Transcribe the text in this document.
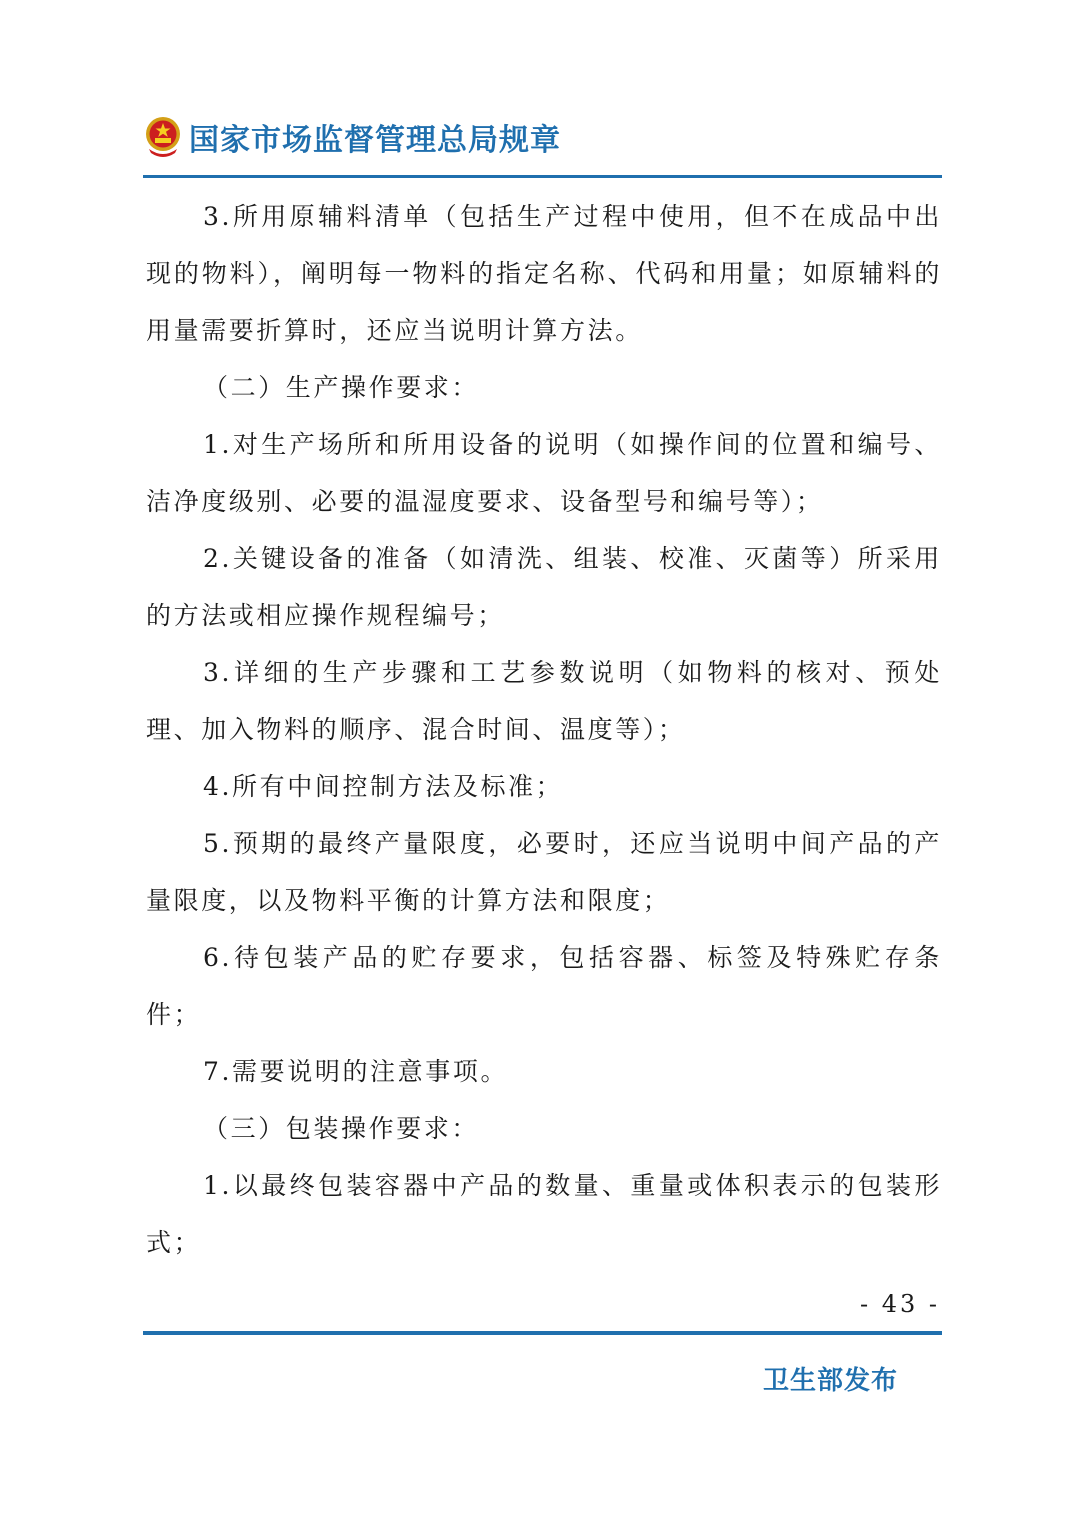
国家市场监督管理总局规章

3.所用原辅料清单（包括生产过程中使用，但不在成品中出现的物料），阐明每一物料的指定名称、代码和用量；如原辅料的用量需要折算时，还应当说明计算方法。

（二）生产操作要求：

1.对生产场所和所用设备的说明（如操作间的位置和编号、洁净度级别、必要的温湿度要求、设备型号和编号等）；

2.关键设备的准备（如清洗、组装、校准、灭菌等）所采用的方法或相应操作规程编号；

3.详细的生产步骤和工艺参数说明（如物料的核对、预处理、加入物料的顺序、混合时间、温度等）；

4.所有中间控制方法及标准；

5.预期的最终产量限度，必要时，还应当说明中间产品的产量限度，以及物料平衡的计算方法和限度；

6.待包装产品的贮存要求，包括容器、标签及特殊贮存条件；

7.需要说明的注意事项。

（三）包装操作要求：

1.以最终包装容器中产品的数量、重量或体积表示的包装形式；

- 43 -
卫生部发布
